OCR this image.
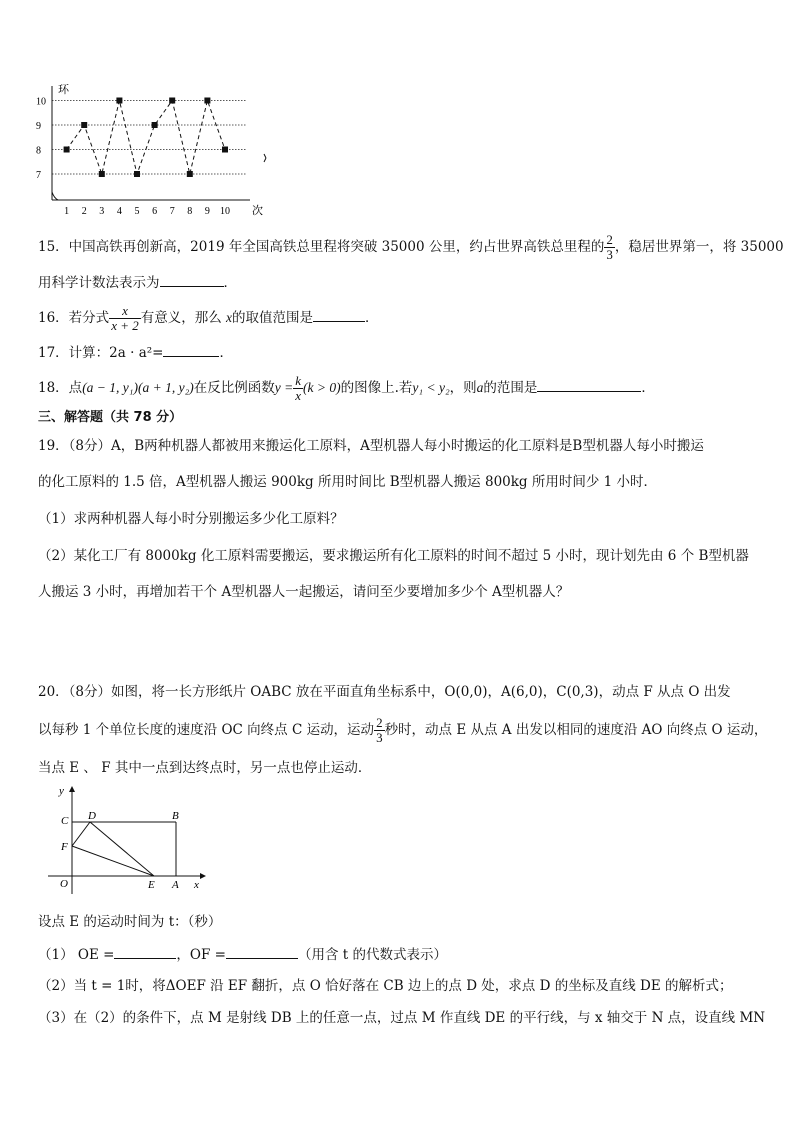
7
8
9
10
1 2 3 4 5 6 7 8 9 10
环
次
15．中国高铁再创新高，2019 年全国高铁总里程将突破 35000 公里，约占世界高铁总里程的 $\frac{2}{3}$ ，稳居世界第一，将 35000
用科学计数法表示为	．
16．若分式 $\frac{x}{x + 2}$ 有意义，那么 x的取值范围是	．
17．计算：2a · a²=	．
18．点(a − 1, y₁)(a + 1, y₂)在反比例函数$y = \frac{k}{x} (k > 0)$的图像上.若y₁ < y₂，则a的范围是	．
三、解答题（共 78 分）
19．（8分）A，B两种机器人都被用来搬运化工原料，A型机器人每小时搬运的化工原料是B型机器人每小时搬运
的化工原料的 1.5 倍，A型机器人搬运 900kg 所用时间比 B型机器人搬运 800kg 所用时间少 1 小时．
（1）求两种机器人每小时分别搬运多少化工原料？
（2）某化工厂有 8000kg 化工原料需要搬运，要求搬运所有化工原料的时间不超过 5 小时，现计划先由 6 个 B型机器
人搬运 3 小时，再增加若干个 A型机器人一起搬运，请问至少要增加多少个 A型机器人？
20．（8分）如图，将一长方形纸片 OABC 放在平面直角坐标系中，O(0,0)，A(6,0)，C(0,3)，动点 F 从点 O 出发
以每秒 1 个单位长度的速度沿 OC 向终点 C 运动，运动 $\frac{2}{3}$ 秒时，动点 E 从点 A 出发以相同的速度沿 AO 向终点 O 运动，
当点 E 、 F 其中一点到达终点时，另一点也停止运动．
y
x
O
C D	B
F
E A
设点 E 的运动时间为 t：（秒）
（1） OE =	，OF =	（用含 t 的代数式表示）
（2）当 t = 1时，将ΔOEF 沿 EF 翻折，点 O 恰好落在 CB 边上的点 D 处，求点 D 的坐标及直线 DE 的解析式；
（3）在（2）的条件下，点 M 是射线 DB 上的任意一点，过点 M 作直线 DE 的平行线，与 x 轴交于 N 点，设直线 MN
